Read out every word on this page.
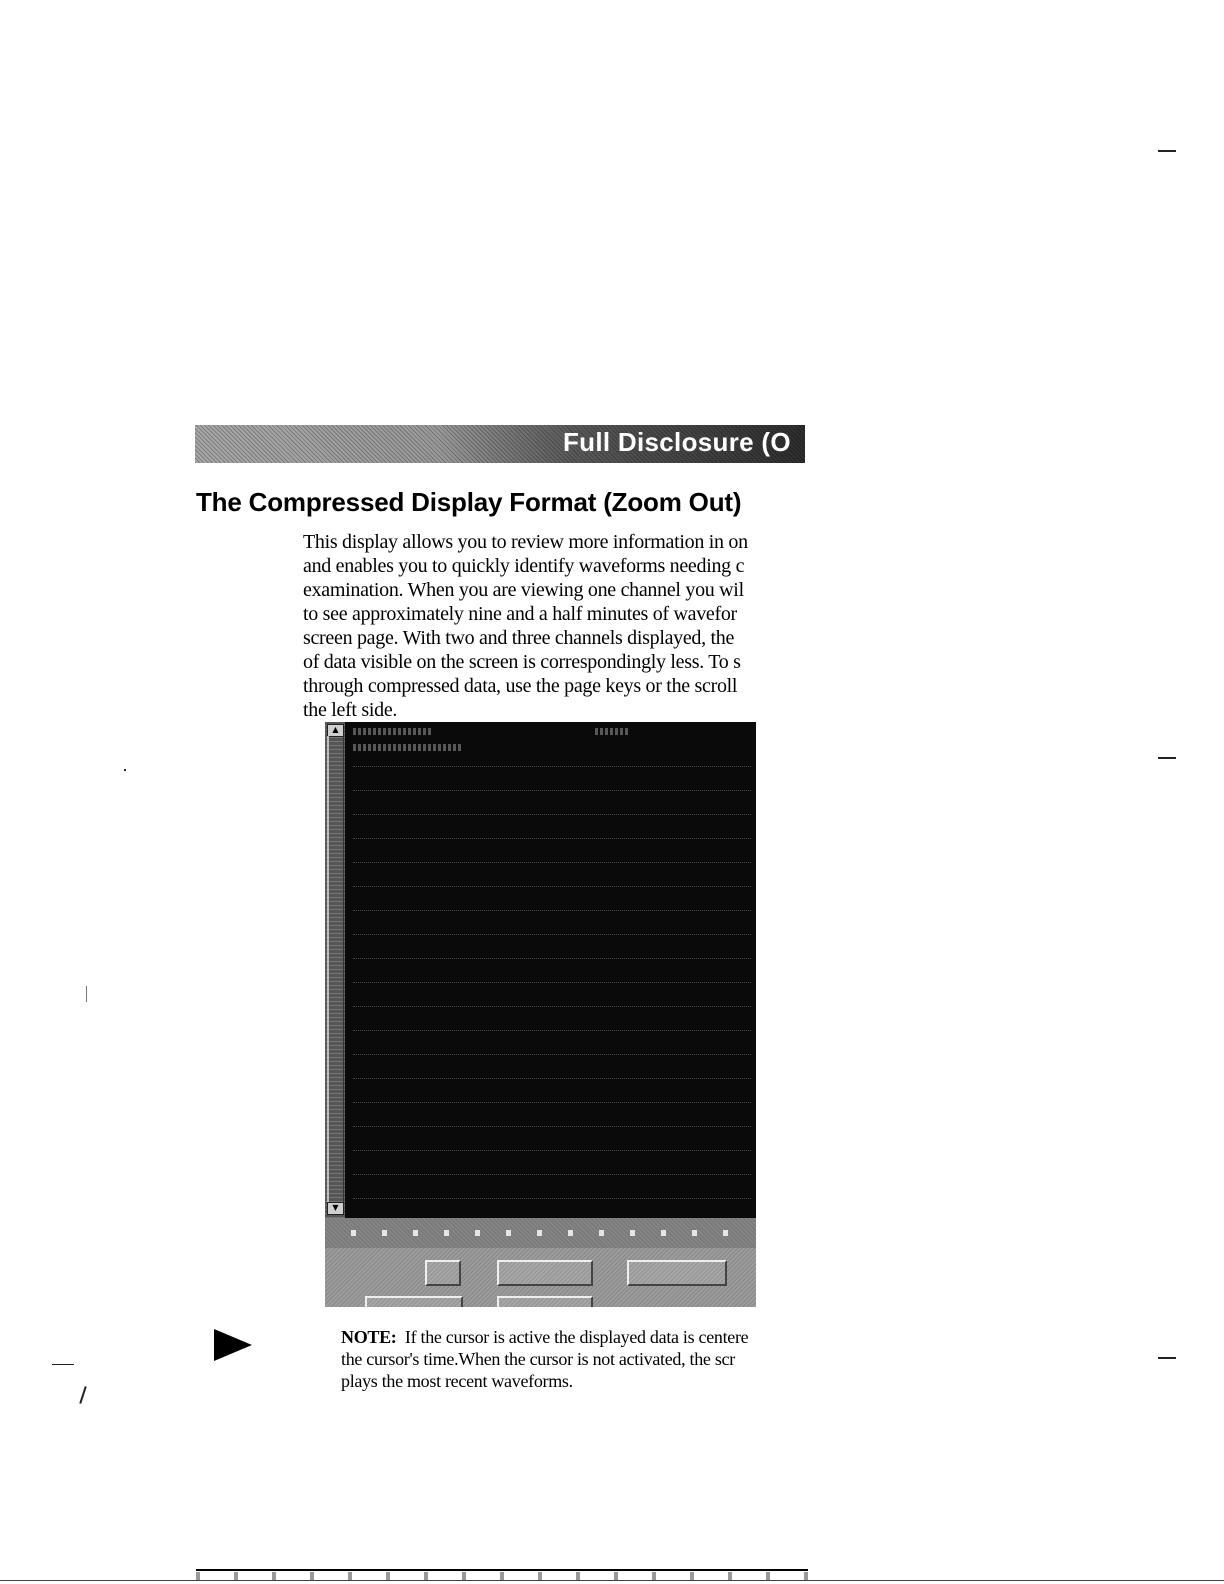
Full Disclosure (O
The Compressed Display Format (Zoom Out)
This display allows you to review more information in on
and enables you to quickly identify waveforms needing c
examination. When you are viewing one channel you wil
to see approximately nine and a half minutes of wavefor
screen page. With two and three channels displayed, the
of data visible on the screen is correspondingly less. To s
through compressed data, use the page keys or the scroll
the left side.
▲
▼
NOTE: If the cursor is active the displayed data is centere
the cursor's time.When the cursor is not activated, the scr
plays the most recent waveforms.
